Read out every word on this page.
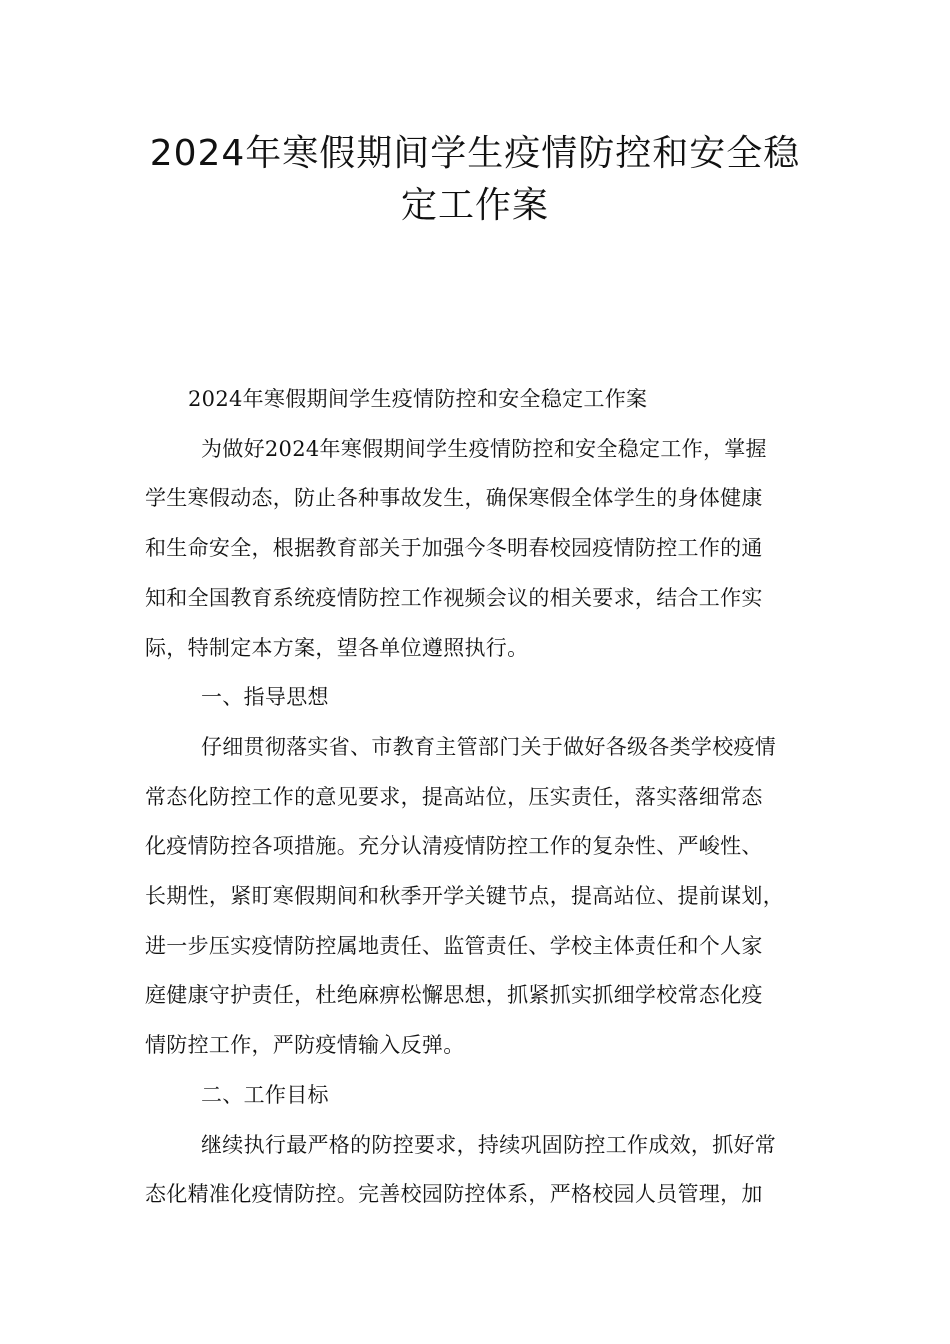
2024年寒假期间学生疫情防控和安全稳
定工作案

2024年寒假期间学生疫情防控和安全稳定工作案

为做好2024年寒假期间学生疫情防控和安全稳定工作，掌握

学生寒假动态，防止各种事故发生，确保寒假全体学生的身体健康

和生命安全，根据教育部关于加强今冬明春校园疫情防控工作的通

知和全国教育系统疫情防控工作视频会议的相关要求，结合工作实

际，特制定本方案，望各单位遵照执行。

一、指导思想

仔细贯彻落实省、市教育主管部门关于做好各级各类学校疫情

常态化防控工作的意见要求，提高站位，压实责任，落实落细常态

化疫情防控各项措施。充分认清疫情防控工作的复杂性、严峻性、

长期性，紧盯寒假期间和秋季开学关键节点，提高站位、提前谋划，

进一步压实疫情防控属地责任、监管责任、学校主体责任和个人家

庭健康守护责任，杜绝麻痹松懈思想，抓紧抓实抓细学校常态化疫

情防控工作，严防疫情输入反弹。

二、工作目标

继续执行最严格的防控要求，持续巩固防控工作成效，抓好常

态化精准化疫情防控。完善校园防控体系，严格校园人员管理，加
